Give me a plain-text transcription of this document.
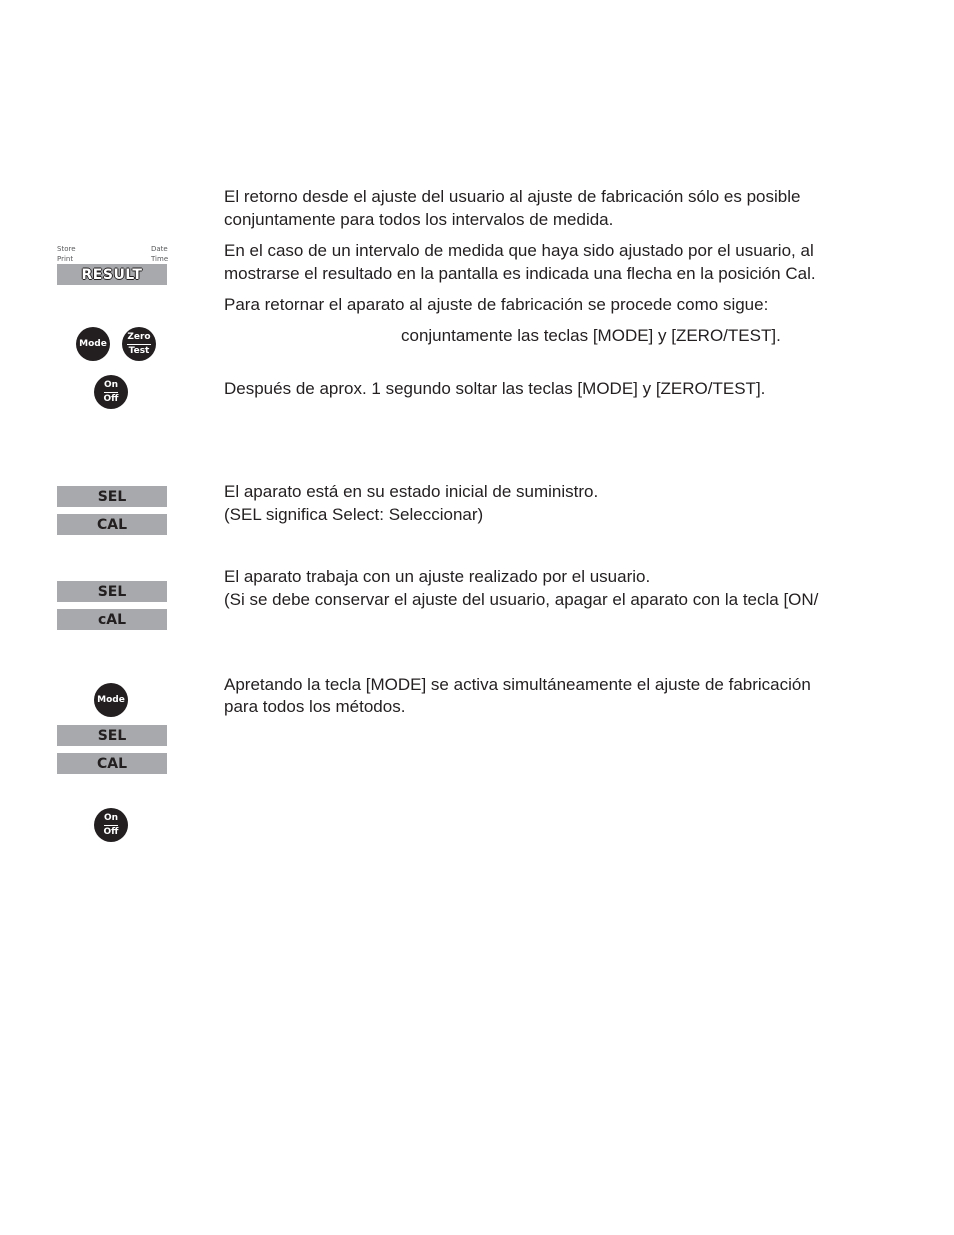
El retorno desde el ajuste del usuario al ajuste de fabricación sólo es posible

conjuntamente para todos los intervalos de medida.

En el caso de un intervalo de medida que haya sido ajustado por el usuario, al

mostrarse el resultado en la pantalla es indicada una flecha en la posición Cal.

Para retornar el aparato al ajuste de fabricación se procede como sigue:

conjuntamente las teclas [MODE] y [ZERO/TEST].

Después de aprox. 1 segundo soltar las teclas [MODE] y [ZERO/TEST].

El aparato está en su estado inicial de suministro.

(SEL significa Select: Seleccionar)

El aparato trabaja con un ajuste realizado por el usuario.

(Si se debe conservar el ajuste del usuario, apagar el aparato con la tecla [ON/

Apretando la tecla [MODE] se activa simultáneamente el ajuste de fabricación

para todos los métodos.

Store
Print
Date
Time
RESULT
Mode
Zero
Test
On
Off
SEL
CAL
SEL
cAL
Mode
SEL
CAL
On
Off
